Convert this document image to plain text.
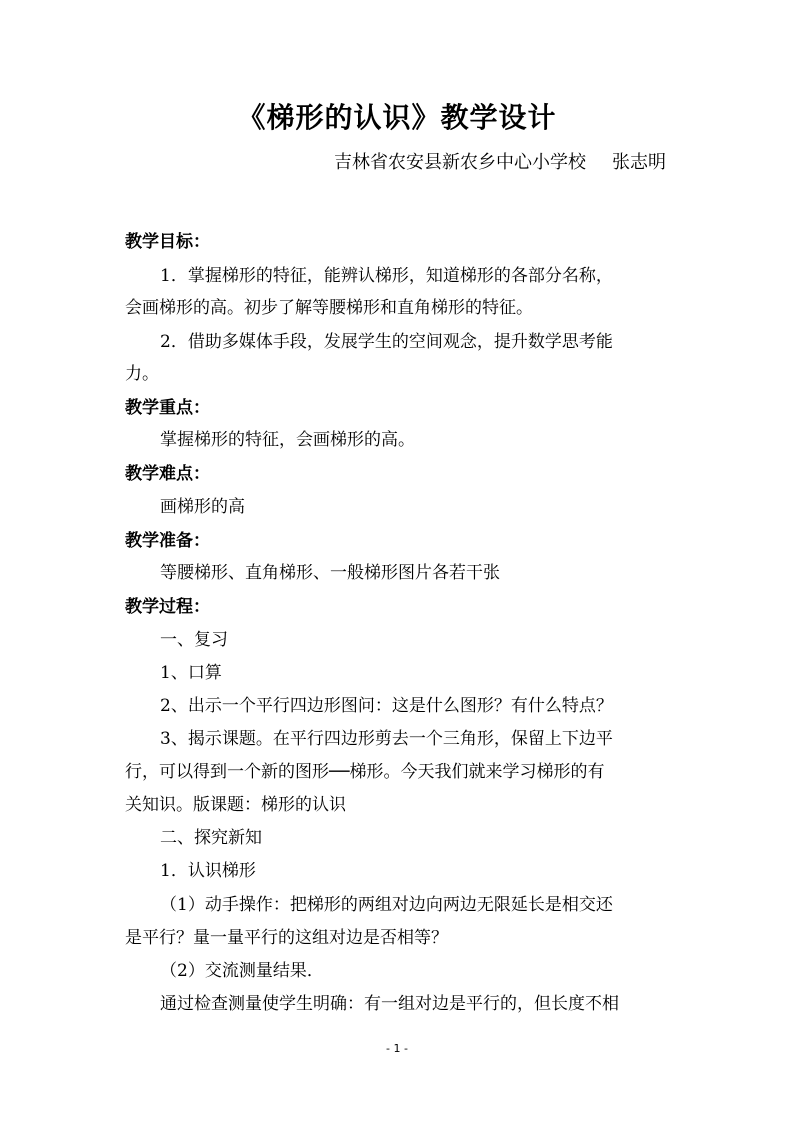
《梯形的认识》教学设计
吉林省农安县新农乡中心小学校 张志明
教学目标：
1．掌握梯形的特征，能辨认梯形，知道梯形的各部分名称，
会画梯形的高。初步了解等腰梯形和直角梯形的特征。
2．借助多媒体手段，发展学生的空间观念，提升数学思考能
力。
教学重点：
掌握梯形的特征，会画梯形的高。
教学难点：
画梯形的高
教学准备：
等腰梯形、直角梯形、一般梯形图片各若干张
教学过程：
一、复习
1、口算
2、出示一个平行四边形图问：这是什么图形？有什么特点？
3、揭示课题。在平行四边形剪去一个三角形，保留上下边平
行，可以得到一个新的图形──梯形。今天我们就来学习梯形的有
关知识。版课题：梯形的认识
二、探究新知
1．认识梯形
（1）动手操作：把梯形的两组对边向两边无限延长是相交还
是平行？量一量平行的这组对边是否相等？
（2）交流测量结果．
通过检查测量使学生明确：有一组对边是平行的，但长度不相
- 1 -
